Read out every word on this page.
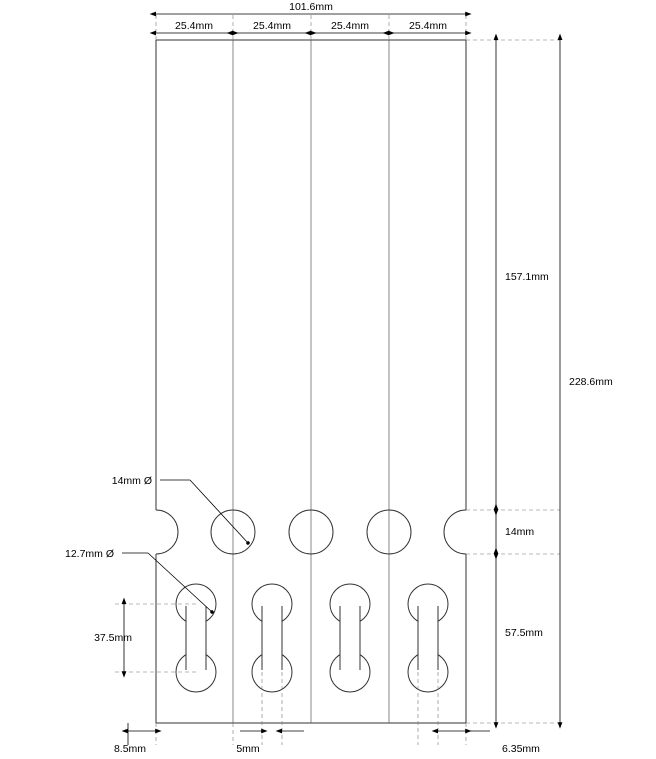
101.6mm
25.4mm	25.4mm	25.4mm	25.4mm
157.1mm
14mm
57.5mm
228.6mm
37.5mm
14mm Ø
12.7mm Ø
8.5mm	5mm	6.35mm
